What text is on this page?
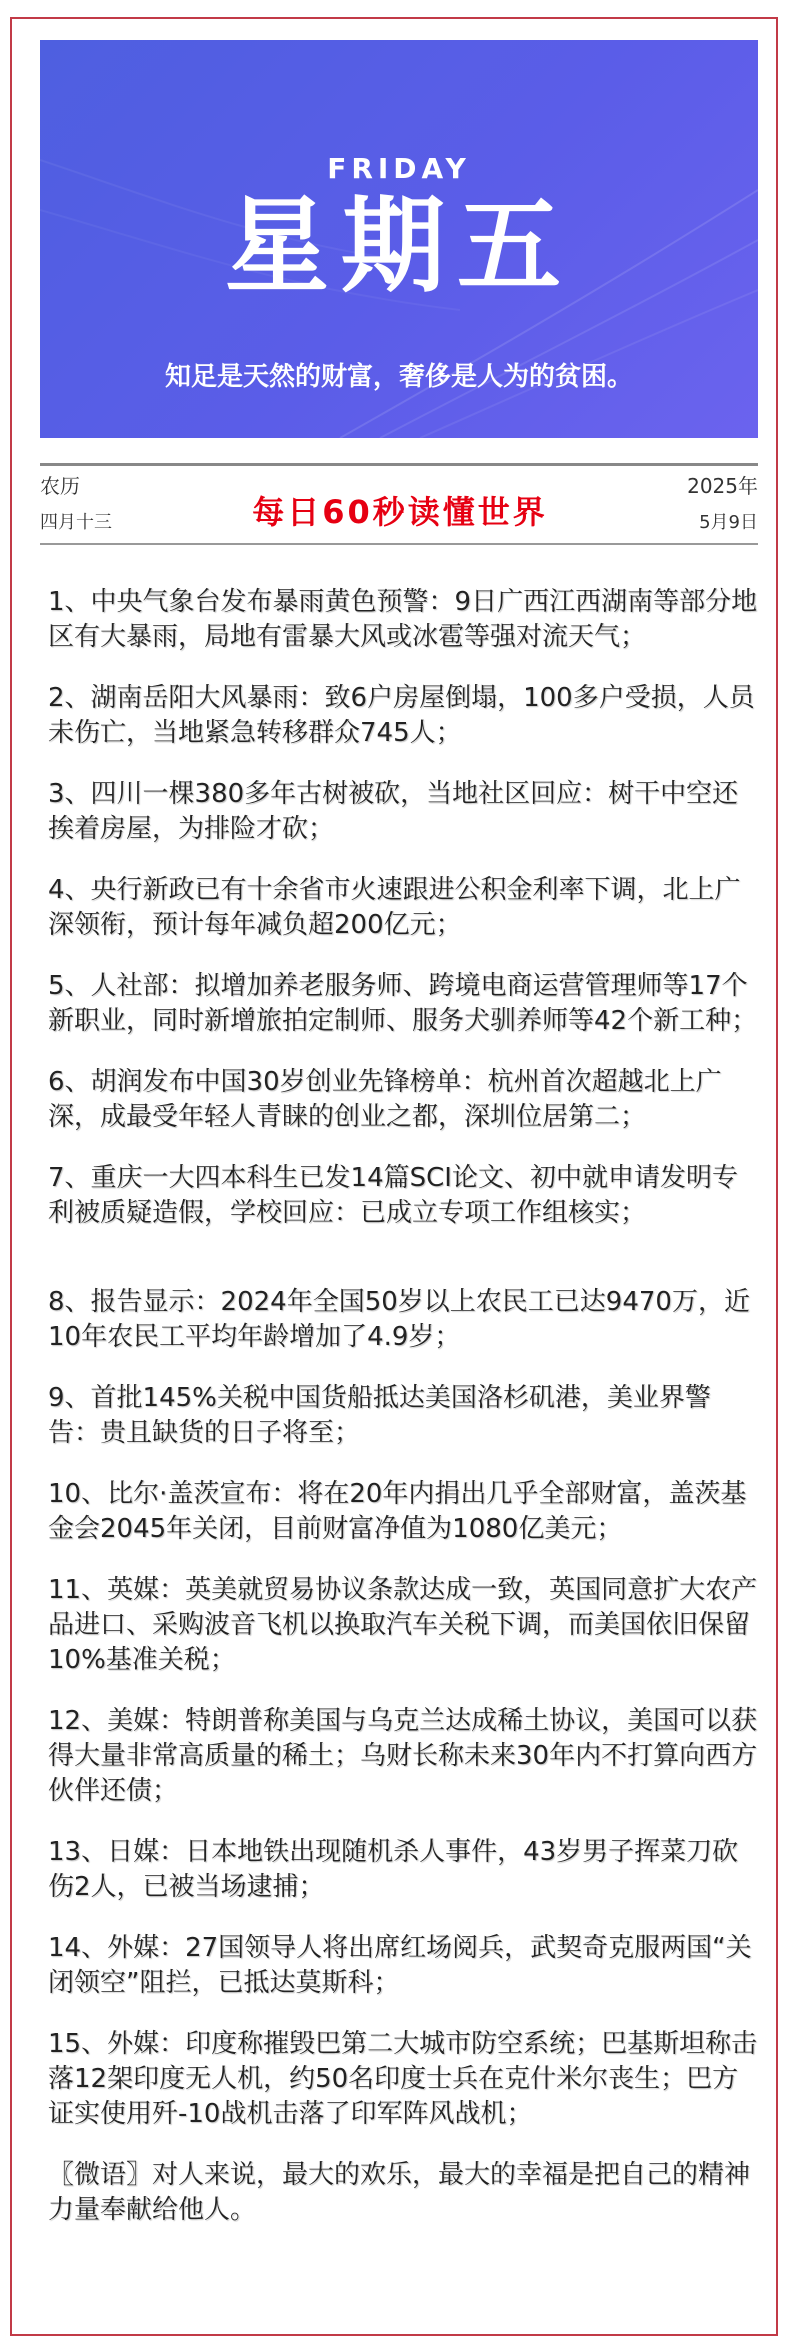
FRIDAY
星期五
知足是天然的财富，奢侈是人为的贫困。
农历
四月十三	每日60秒读懂世界
2025年
5月9日
1、中央气象台发布暴雨黄色预警：9日广西江西湖南等部分地区有大暴雨，局地有雷暴大风或冰雹等强对流天气；
2、湖南岳阳大风暴雨：致6户房屋倒塌，100多户受损，人员未伤亡，当地紧急转移群众745人；
3、四川一棵380多年古树被砍，当地社区回应：树干中空还挨着房屋，为排险才砍；
4、央行新政已有十余省市火速跟进公积金利率下调，北上广深领衔，预计每年减负超200亿元；
5、人社部：拟增加养老服务师、跨境电商运营管理师等17个新职业，同时新增旅拍定制师、服务犬驯养师等42个新工种；
6、胡润发布中国30岁创业先锋榜单：杭州首次超越北上广深，成最受年轻人青睐的创业之都，深圳位居第二；
7、重庆一大四本科生已发14篇SCI论文、初中就申请发明专利被质疑造假，学校回应：已成立专项工作组核实；
8、报告显示：2024年全国50岁以上农民工已达9470万，近10年农民工平均年龄增加了4.9岁；
9、首批145%关税中国货船抵达美国洛杉矶港，美业界警告：贵且缺货的日子将至；
10、比尔·盖茨宣布：将在20年内捐出几乎全部财富，盖茨基金会2045年关闭，目前财富净值为1080亿美元；
11、英媒：英美就贸易协议条款达成一致，英国同意扩大农产品进口、采购波音飞机以换取汽车关税下调，而美国依旧保留10%基准关税；
12、美媒：特朗普称美国与乌克兰达成稀土协议，美国可以获得大量非常高质量的稀土；乌财长称未来30年内不打算向西方伙伴还债；
13、日媒：日本地铁出现随机杀人事件，43岁男子挥菜刀砍伤2人，已被当场逮捕；
14、外媒：27国领导人将出席红场阅兵，武契奇克服两国“关闭领空”阻拦，已抵达莫斯科；
15、外媒：印度称摧毁巴第二大城市防空系统；巴基斯坦称击落12架印度无人机，约50名印度士兵在克什米尔丧生；巴方证实使用歼-10战机击落了印军阵风战机；
〖微语〗对人来说，最大的欢乐，最大的幸福是把自己的精神力量奉献给他人。
